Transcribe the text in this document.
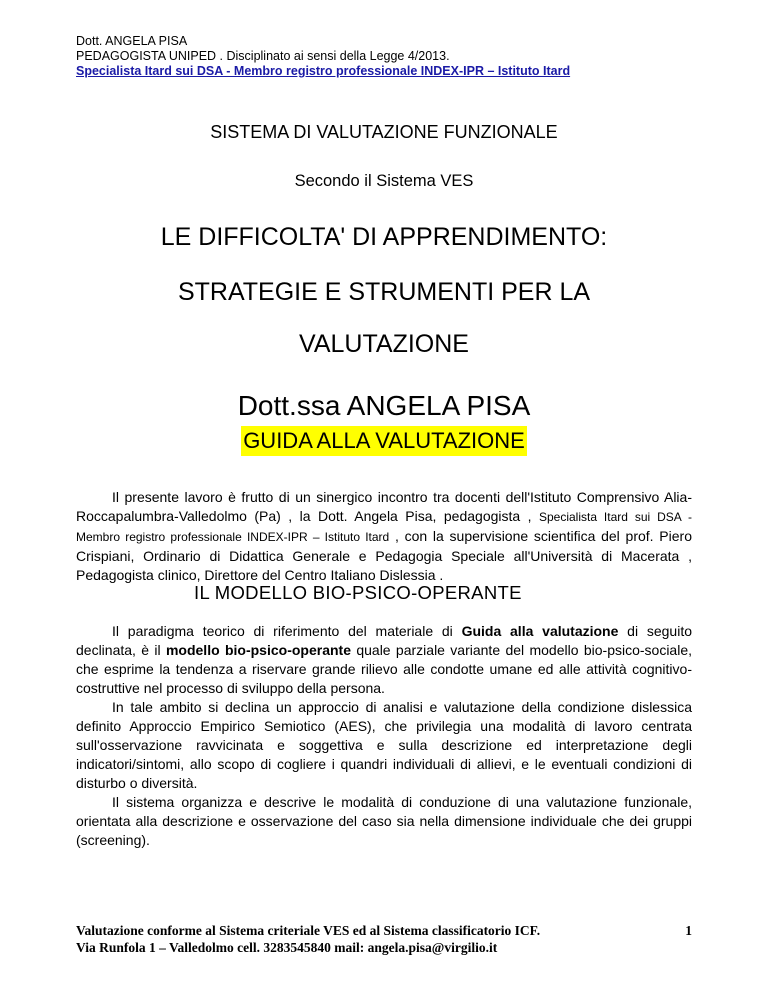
Dott. ANGELA PISA
PEDAGOGISTA UNIPED . Disciplinato ai sensi della Legge 4/2013.
Specialista Itard sui DSA - Membro registro professionale INDEX-IPR – Istituto Itard
SISTEMA DI VALUTAZIONE FUNZIONALE
Secondo il Sistema VES
LE DIFFICOLTA' DI APPRENDIMENTO:
STRATEGIE E STRUMENTI PER LA
VALUTAZIONE
Dott.ssa ANGELA PISA
GUIDA ALLA VALUTAZIONE
Il presente lavoro è frutto di un sinergico incontro tra docenti dell'Istituto Comprensivo Alia-Roccapalumbra-Valledolmo (Pa) , la Dott. Angela Pisa, pedagogista , Specialista Itard sui DSA - Membro registro professionale INDEX-IPR – Istituto Itard , con la supervisione scientifica del prof. Piero Crispiani, Ordinario di Didattica Generale e Pedagogia Speciale all'Università di Macerata , Pedagogista clinico, Direttore del Centro Italiano Dislessia .
IL MODELLO BIO-PSICO-OPERANTE
Il paradigma teorico di riferimento del materiale di Guida alla valutazione di seguito declinata, è il modello bio-psico-operante quale parziale variante del modello bio-psico-sociale, che esprime la tendenza a riservare grande rilievo alle condotte umane ed alle attività cognitivo-costruttive nel processo di sviluppo della persona.
In tale ambito si declina un approccio di analisi e valutazione della condizione dislessica definito Approccio Empirico Semiotico (AES), che privilegia una modalità di lavoro centrata sull'osservazione ravvicinata e soggettiva e sulla descrizione ed interpretazione degli indicatori/sintomi, allo scopo di cogliere i quandri individuali di allievi, e le eventuali condizioni di disturbo o diversità.
Il sistema organizza e descrive le modalità di conduzione di una valutazione funzionale, orientata alla descrizione e osservazione del caso sia nella dimensione individuale che dei gruppi (screening).
Valutazione conforme al Sistema criteriale VES ed al Sistema classificatorio ICF.
Via Runfola 1 – Valledolmo cell. 3283545840 mail: angela.pisa@virgilio.it
1
